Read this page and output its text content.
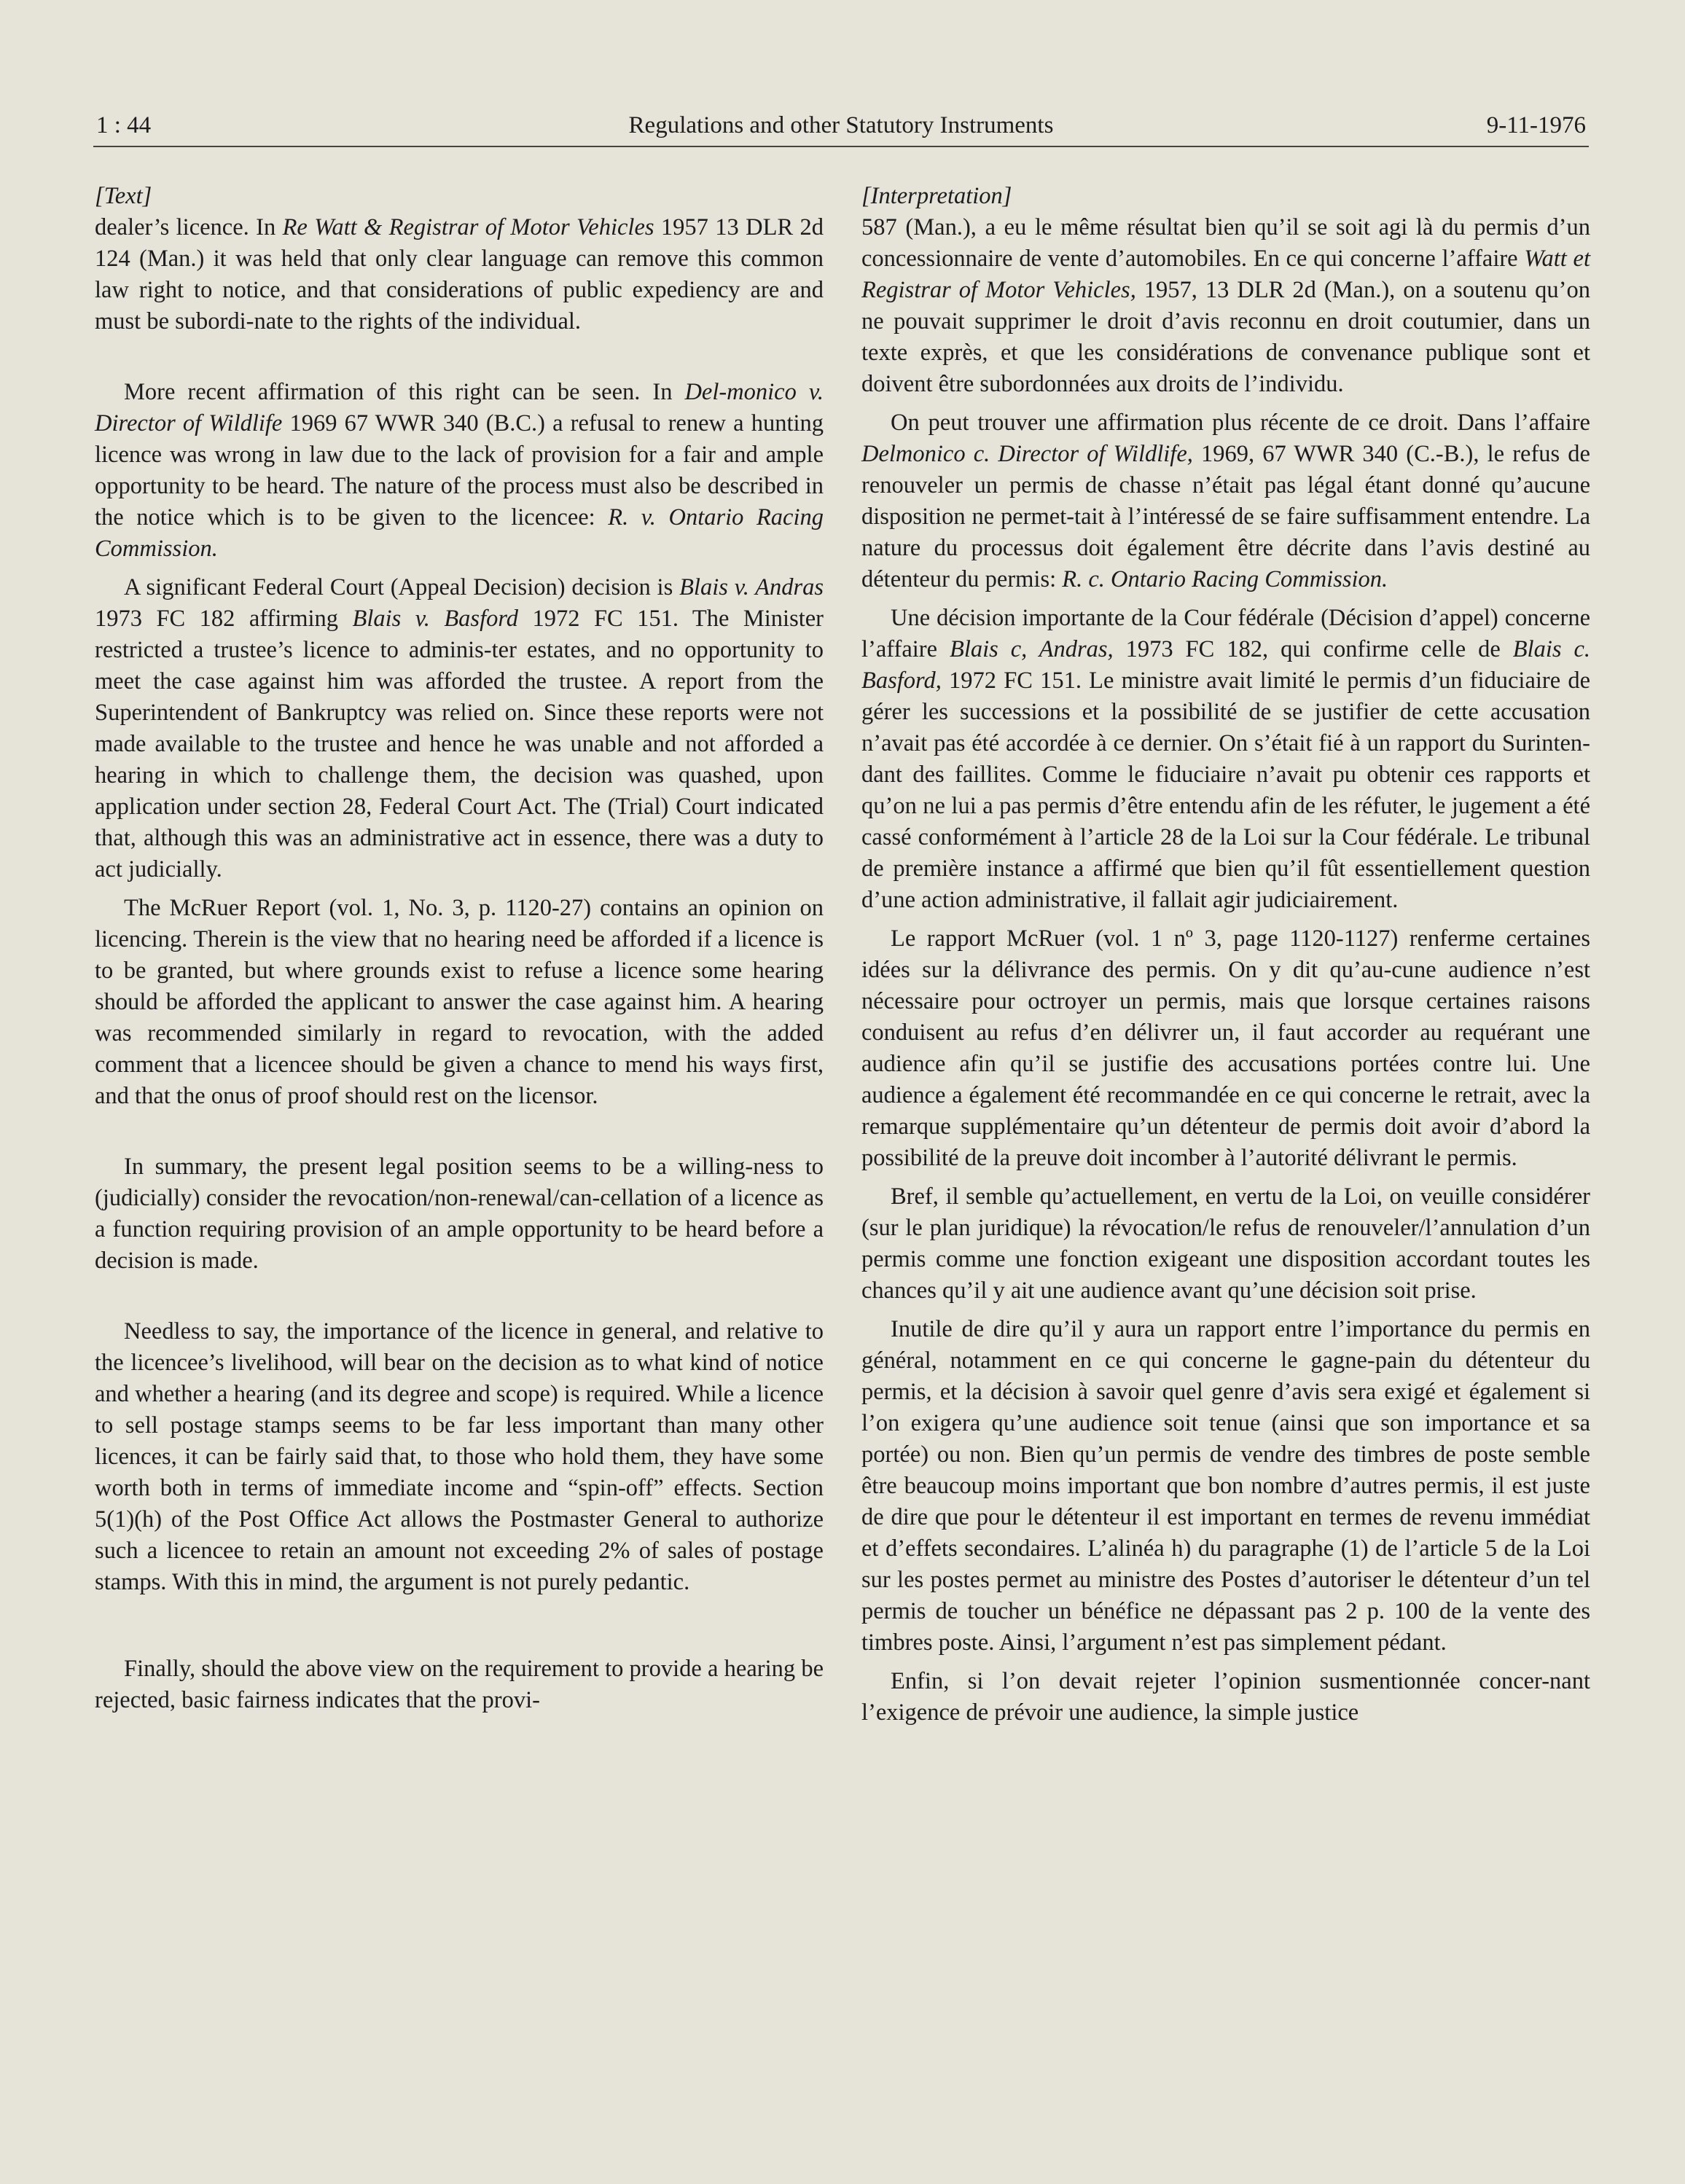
1 : 44	Regulations and other Statutory Instruments	9-11-1976
[Text]

dealer’s licence. In Re Watt & Registrar of Motor Vehicles 1957 13 DLR 2d 124 (Man.) it was held that only clear language can remove this common law right to notice, and that considerations of public expediency are and must be subordi-nate to the rights of the individual.

More recent affirmation of this right can be seen. In Del-monico v. Director of Wildlife 1969 67 WWR 340 (B.C.) a refusal to renew a hunting licence was wrong in law due to the lack of provision for a fair and ample opportunity to be heard. The nature of the process must also be described in the notice which is to be given to the licencee: R. v. Ontario Racing Commission.

A significant Federal Court (Appeal Decision) decision is Blais v. Andras 1973 FC 182 affirming Blais v. Basford 1972 FC 151. The Minister restricted a trustee’s licence to adminis-ter estates, and no opportunity to meet the case against him was afforded the trustee. A report from the Superintendent of Bankruptcy was relied on. Since these reports were not made available to the trustee and hence he was unable and not afforded a hearing in which to challenge them, the decision was quashed, upon application under section 28, Federal Court Act. The (Trial) Court indicated that, although this was an administrative act in essence, there was a duty to act judicially.

The McRuer Report (vol. 1, No. 3, p. 1120-27) contains an opinion on licencing. Therein is the view that no hearing need be afforded if a licence is to be granted, but where grounds exist to refuse a licence some hearing should be afforded the applicant to answer the case against him. A hearing was recommended similarly in regard to revocation, with the added comment that a licencee should be given a chance to mend his ways first, and that the onus of proof should rest on the licensor.

In summary, the present legal position seems to be a willing-ness to (judicially) consider the revocation/non-renewal/can-cellation of a licence as a function requiring provision of an ample opportunity to be heard before a decision is made.

Needless to say, the importance of the licence in general, and relative to the licencee’s livelihood, will bear on the decision as to what kind of notice and whether a hearing (and its degree and scope) is required. While a licence to sell postage stamps seems to be far less important than many other licences, it can be fairly said that, to those who hold them, they have some worth both in terms of immediate income and “spin-off” effects. Section 5(1)(h) of the Post Office Act allows the Postmaster General to authorize such a licencee to retain an amount not exceeding 2% of sales of postage stamps. With this in mind, the argument is not purely pedantic.

Finally, should the above view on the requirement to provide a hearing be rejected, basic fairness indicates that the provi-

[Interpretation]

587 (Man.), a eu le même résultat bien qu’il se soit agi là du permis d’un concessionnaire de vente d’automobiles. En ce qui concerne l’affaire Watt et Registrar of Motor Vehicles, 1957, 13 DLR 2d (Man.), on a soutenu qu’on ne pouvait supprimer le droit d’avis reconnu en droit coutumier, dans un texte exprès, et que les considérations de convenance publique sont et doivent être subordonnées aux droits de l’individu.

On peut trouver une affirmation plus récente de ce droit. Dans l’affaire Delmonico c. Director of Wildlife, 1969, 67 WWR 340 (C.-B.), le refus de renouveler un permis de chasse n’était pas légal étant donné qu’aucune disposition ne permet-tait à l’intéressé de se faire suffisamment entendre. La nature du processus doit également être décrite dans l’avis destiné au détenteur du permis: R. c. Ontario Racing Commission.

Une décision importante de la Cour fédérale (Décision d’appel) concerne l’affaire Blais c, Andras, 1973 FC 182, qui confirme celle de Blais c. Basford, 1972 FC 151. Le ministre avait limité le permis d’un fiduciaire de gérer les successions et la possibilité de se justifier de cette accusation n’avait pas été accordée à ce dernier. On s’était fié à un rapport du Surinten-dant des faillites. Comme le fiduciaire n’avait pu obtenir ces rapports et qu’on ne lui a pas permis d’être entendu afin de les réfuter, le jugement a été cassé conformément à l’article 28 de la Loi sur la Cour fédérale. Le tribunal de première instance a affirmé que bien qu’il fût essentiellement question d’une action administrative, il fallait agir judiciairement.

Le rapport McRuer (vol. 1 nº 3, page 1120-1127) renferme certaines idées sur la délivrance des permis. On y dit qu’au-cune audience n’est nécessaire pour octroyer un permis, mais que lorsque certaines raisons conduisent au refus d’en délivrer un, il faut accorder au requérant une audience afin qu’il se justifie des accusations portées contre lui. Une audience a également été recommandée en ce qui concerne le retrait, avec la remarque supplémentaire qu’un détenteur de permis doit avoir d’abord la possibilité de la preuve doit incomber à l’autorité délivrant le permis.

Bref, il semble qu’actuellement, en vertu de la Loi, on veuille considérer (sur le plan juridique) la révocation/le refus de renouveler/l’annulation d’un permis comme une fonction exigeant une disposition accordant toutes les chances qu’il y ait une audience avant qu’une décision soit prise.

Inutile de dire qu’il y aura un rapport entre l’importance du permis en général, notamment en ce qui concerne le gagne-pain du détenteur du permis, et la décision à savoir quel genre d’avis sera exigé et également si l’on exigera qu’une audience soit tenue (ainsi que son importance et sa portée) ou non. Bien qu’un permis de vendre des timbres de poste semble être beaucoup moins important que bon nombre d’autres permis, il est juste de dire que pour le détenteur il est important en termes de revenu immédiat et d’effets secondaires. L’alinéa h) du paragraphe (1) de l’article 5 de la Loi sur les postes permet au ministre des Postes d’autoriser le détenteur d’un tel permis de toucher un bénéfice ne dépassant pas 2 p. 100 de la vente des timbres poste. Ainsi, l’argument n’est pas simplement pédant.

Enfin, si l’on devait rejeter l’opinion susmentionnée concer-nant l’exigence de prévoir une audience, la simple justice
